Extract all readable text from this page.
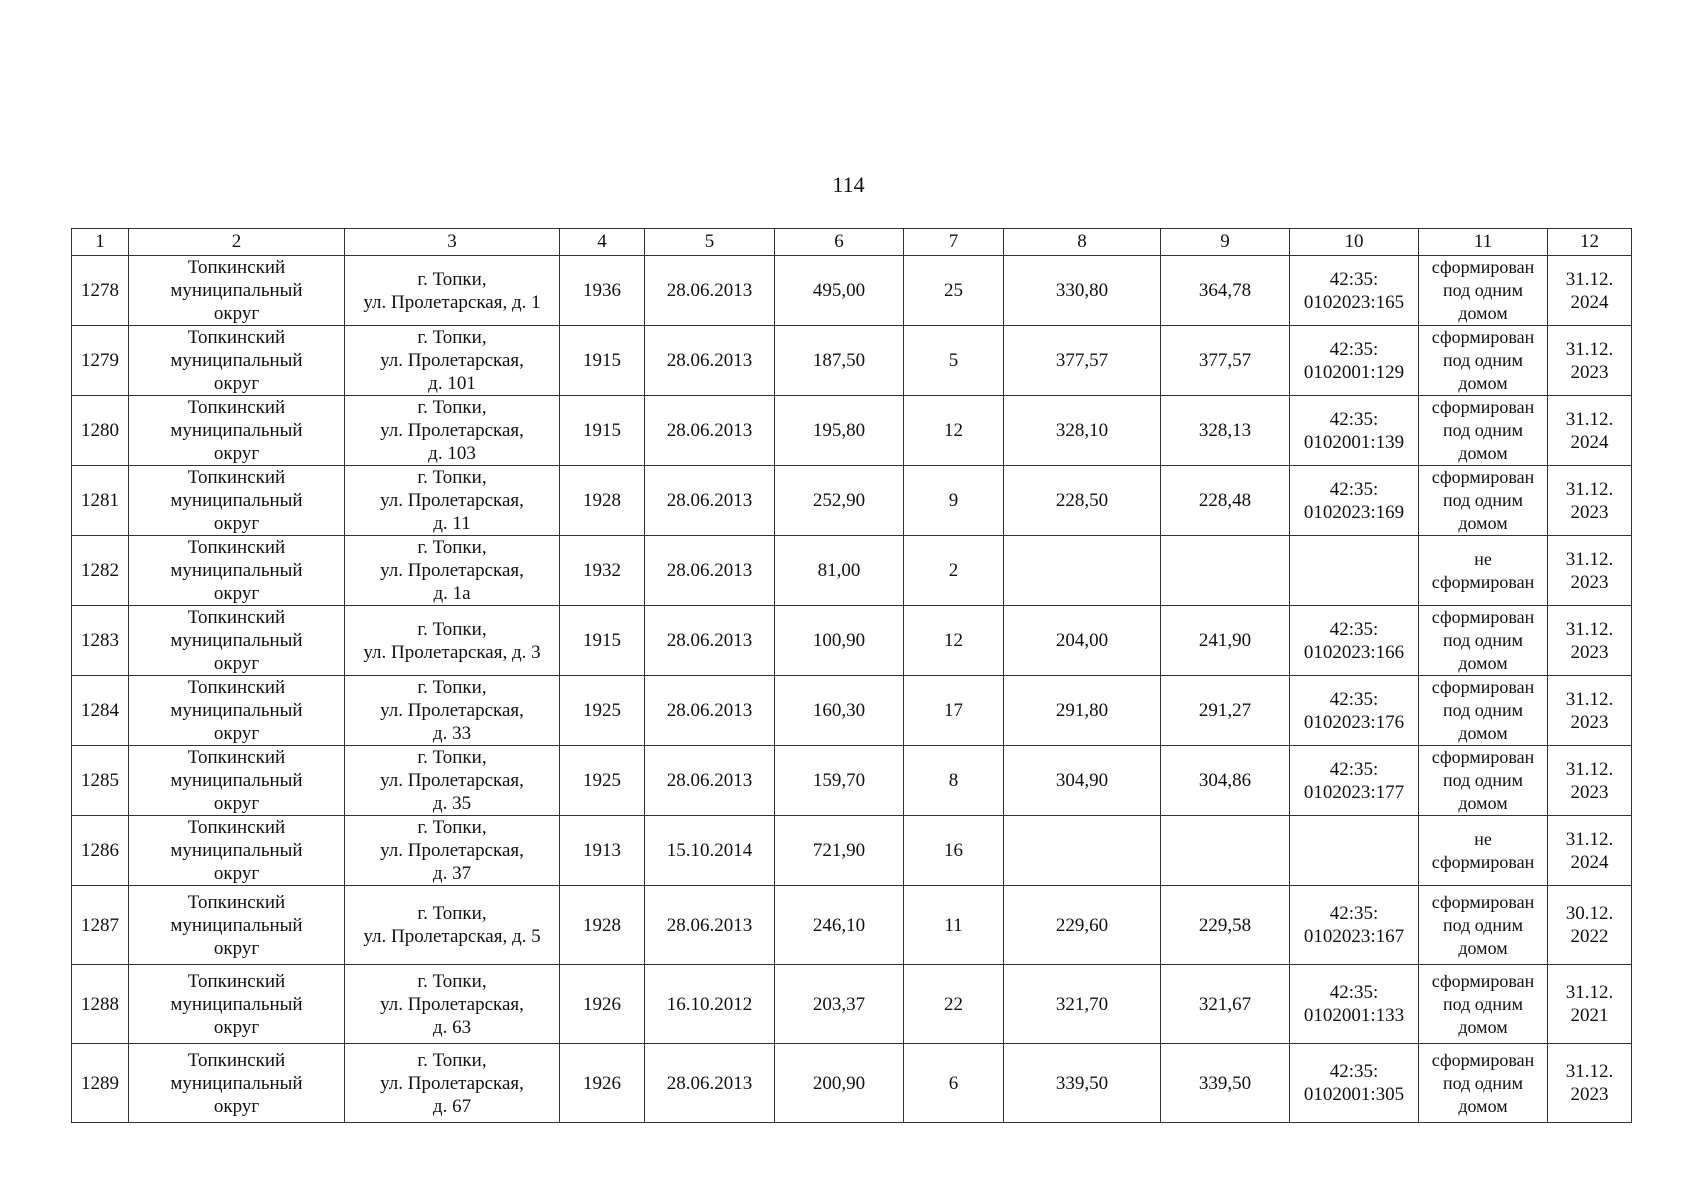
114
1	2	3	4	5	6	7	8	9	10	11	12
1278	Топкинский
муниципальный
округ	г. Топки,
ул. Пролетарская, д. 1	1936	28.06.2013	495,00	25	330,80	364,78	42:35:
0102023:165	сформирован
под одним
домом	31.12.
2024
1279	Топкинский
муниципальный
округ	г. Топки,
ул. Пролетарская,
д. 101	1915	28.06.2013	187,50	5	377,57	377,57	42:35:
0102001:129	сформирован
под одним
домом	31.12.
2023
1280	Топкинский
муниципальный
округ	г. Топки,
ул. Пролетарская,
д. 103	1915	28.06.2013	195,80	12	328,10	328,13	42:35:
0102001:139	сформирован
под одним
домом	31.12.
2024
1281	Топкинский
муниципальный
округ	г. Топки,
ул. Пролетарская,
д. 11	1928	28.06.2013	252,90	9	228,50	228,48	42:35:
0102023:169	сформирован
под одним
домом	31.12.
2023
1282	Топкинский
муниципальный
округ	г. Топки,
ул. Пролетарская,
д. 1а	1932	28.06.2013	81,00	2				не
сформирован	31.12.
2023
1283	Топкинский
муниципальный
округ	г. Топки,
ул. Пролетарская, д. 3	1915	28.06.2013	100,90	12	204,00	241,90	42:35:
0102023:166	сформирован
под одним
домом	31.12.
2023
1284	Топкинский
муниципальный
округ	г. Топки,
ул. Пролетарская,
д. 33	1925	28.06.2013	160,30	17	291,80	291,27	42:35:
0102023:176	сформирован
под одним
домом	31.12.
2023
1285	Топкинский
муниципальный
округ	г. Топки,
ул. Пролетарская,
д. 35	1925	28.06.2013	159,70	8	304,90	304,86	42:35:
0102023:177	сформирован
под одним
домом	31.12.
2023
1286	Топкинский
муниципальный
округ	г. Топки,
ул. Пролетарская,
д. 37	1913	15.10.2014	721,90	16				не
сформирован	31.12.
2024
1287	Топкинский
муниципальный
округ	г. Топки,
ул. Пролетарская, д. 5	1928	28.06.2013	246,10	11	229,60	229,58	42:35:
0102023:167	сформирован
под одним
домом	30.12.
2022
1288	Топкинский
муниципальный
округ	г. Топки,
ул. Пролетарская,
д. 63	1926	16.10.2012	203,37	22	321,70	321,67	42:35:
0102001:133	сформирован
под одним
домом	31.12.
2021
1289	Топкинский
муниципальный
округ	г. Топки,
ул. Пролетарская,
д. 67	1926	28.06.2013	200,90	6	339,50	339,50	42:35:
0102001:305	сформирован
под одним
домом	31.12.
2023
